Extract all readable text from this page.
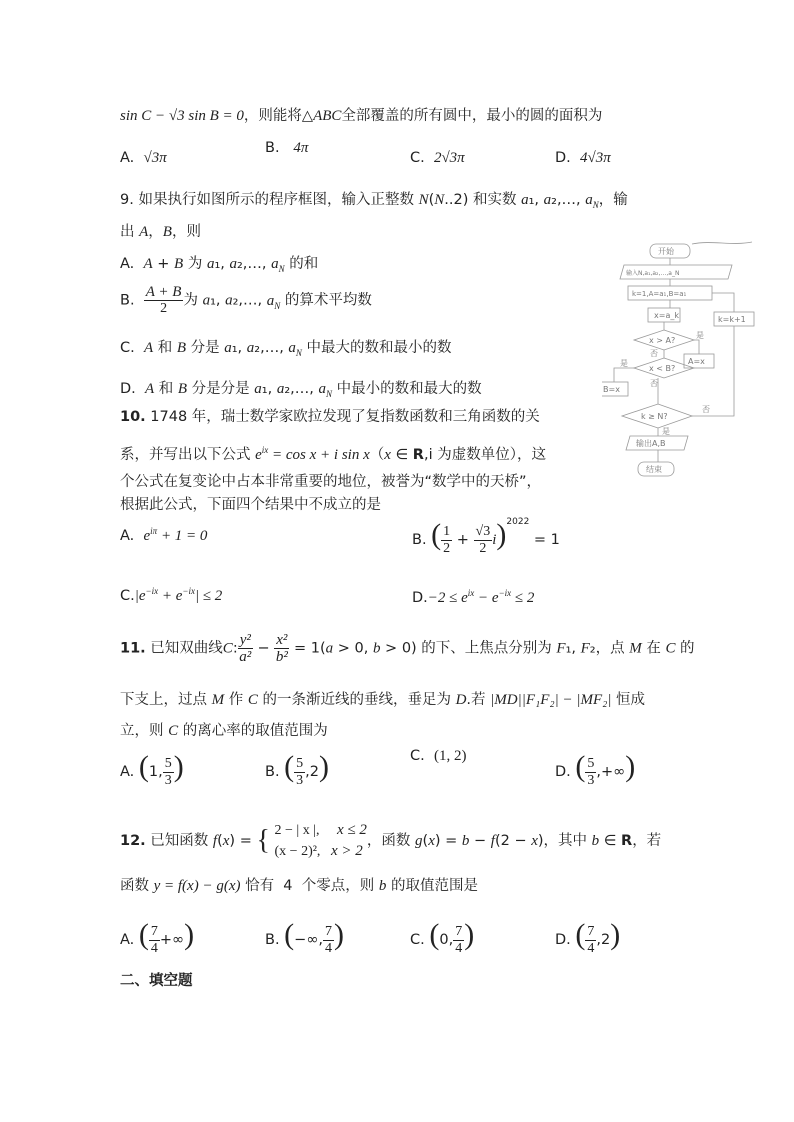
sin C − √3 sin B = 0，则能将△ABC全部覆盖的所有圆中，最小的圆的面积为
A. √3π
B. 4π
C. 2√3π	D. 4√3π
9. 如果执行如图所示的程序框图，输入正整数 N(N..2) 和实数 a₁, a₂,…, $a_N$，输
出 A，B，则
A.  A + B 为 a₁, a₂,…, $a_N$ 的和
B. $\frac{A + B}{2}$ 为 a₁, a₂,…, $a_N$ 的算术平均数
C.  A 和 B 分是 a₁, a₂,…, $a_N$ 中最大的数和最小的数
D.  A 和 B 分是分是 a₁, a₂,…, $a_N$ 中最小的数和最大的数
开始
输入N,a₁,a₂,…,a_N
k=1,A=a₁,B=a₁
x=a_k
x > A?
x < B?
A=x
B=x
k ≥ N?
k=k+1
输出A,B
结束
是
否
是
否
否
是
10. 1748 年，瑞士数学家欧拉发现了复指数函数和三角函数的关
系，并写出以下公式 $e^{ix} = \cos x + i$ sin x（x ∈ R,i 为虚数单位），这
个公式在复变论中占本非常重要的地位，被誉为“数学中的天桥”，
根据此公式，下面四个结果中不成立的是
A.  $e^{i\pi} + 1 = 0$	B. ( $\frac{1}{2} + \frac{√3}{2} i)^{2022} = 1$
$C.|e^{-ix} + e^{-ix}| \le 2$	$D.-2 \le e^{ix} - e^{-ix} \le 2$
11. 已知双曲线C: $\frac{\text{y²}}{\text{a²}} - \frac{\text{x²}}{\text{b²}} = 1(a > 0$, b > 0) 的下、上焦点分别为 F₁, F₂，点 M 在 C 的
下支上，过点 M 作 C 的一条渐近线的垂线，垂足为 D.若 |MD||F₁F₂| − |MF₂| 恒成
立，则 C 的离心率的取值范围为
A. (1, $\frac{5}{3}$ )	B. ( $\frac{5}{3} ,2$)	C.  (1, 2)
D. ( $\frac{5}{3}$ ,+∞)
12. 已知函数 f(x) = { 2 − | x |, x ≤ 2
(x − 2)², x > 2，函数 g(x) = b − f(2 − x)，其中 b ∈ R，若
函数 y = f(x) − g(x) 恰有  4  个零点，则 b 的取值范围是
A. ( $\frac{7}{4}$ +∞)	B. (−∞, $\frac{7}{4}$ )	C. (0, $\frac{7}{4}$ )	D. ( $\frac{7}{4} ,2$)
二、填空题
